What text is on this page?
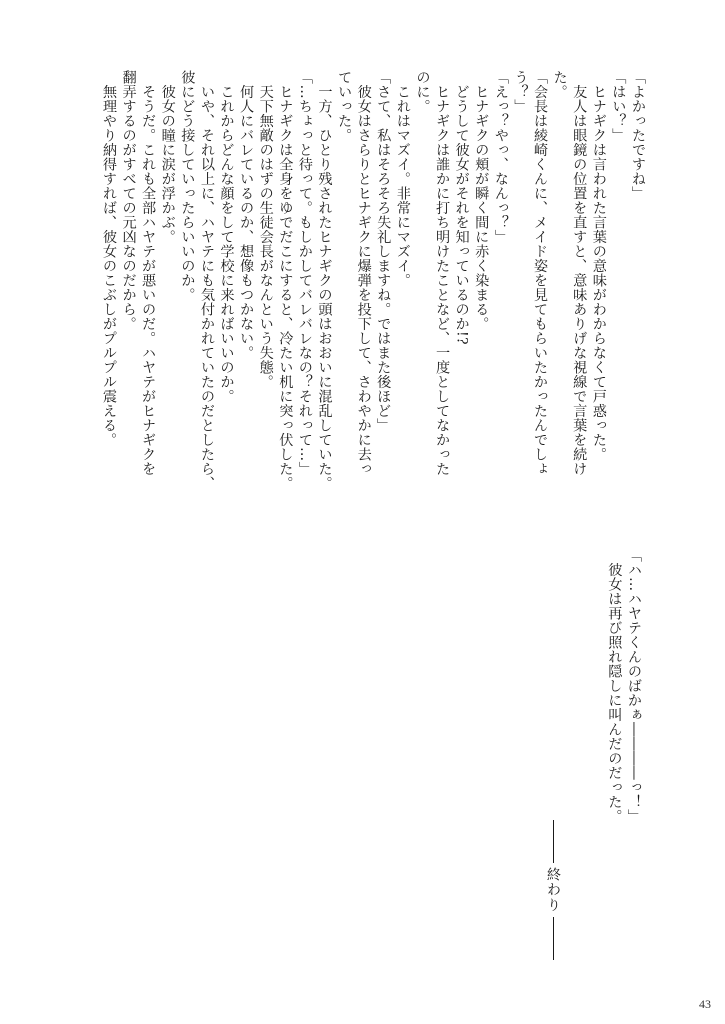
「よかったですね」
「はい？」
　ヒナギクは言われた言葉の意味がわからなくて戸惑った。
　友人は眼鏡の位置を直すと、意味ありげな視線で言葉を続け
た。
「会長は綾崎くんに、メイド姿を見てもらいたかったんでしょ
う？」
「えっ？やっ、なんっ？」
　ヒナギクの頬が瞬く間に赤く染まる。
　どうして彼女がそれを知っているのか!?
　ヒナギクは誰かに打ち明けたことなど、一度としてなかった
のに。
　これはマズイ。非常にマズイ。
「さて、私はそろそろ失礼しますね。ではまた後ほど」
　彼女はさらりとヒナギクに爆弾を投下して、さわやかに去っ
ていった。
　一方、ひとり残されたヒナギクの頭はおおいに混乱していた。
「…ちょっと待って。もしかしてバレバレなの？それって…」
　ヒナギクは全身をゆでだこにすると、冷たい机に突っ伏した。
　天下無敵のはずの生徒会長がなんという失態。
　何人にバレているのか、想像もつかない。
　これからどんな顔をして学校に来ればいいのか。
　いや、それ以上に、ハヤテにも気付かれていたのだとしたら、
彼にどう接していったらいいのか。
　彼女の瞳に涙が浮かぶ。
　そうだ。これも全部ハヤテが悪いのだ。ハヤテがヒナギクを
翻弄するのがすべての元凶なのだから。
　無理やり納得すれば、彼女のこぶしがプルプル震える。
「ハ…ハヤテくんのばかぁ――――っ！」
　彼女は再び照れ隠しに叫んだのだった。
終わり
43
